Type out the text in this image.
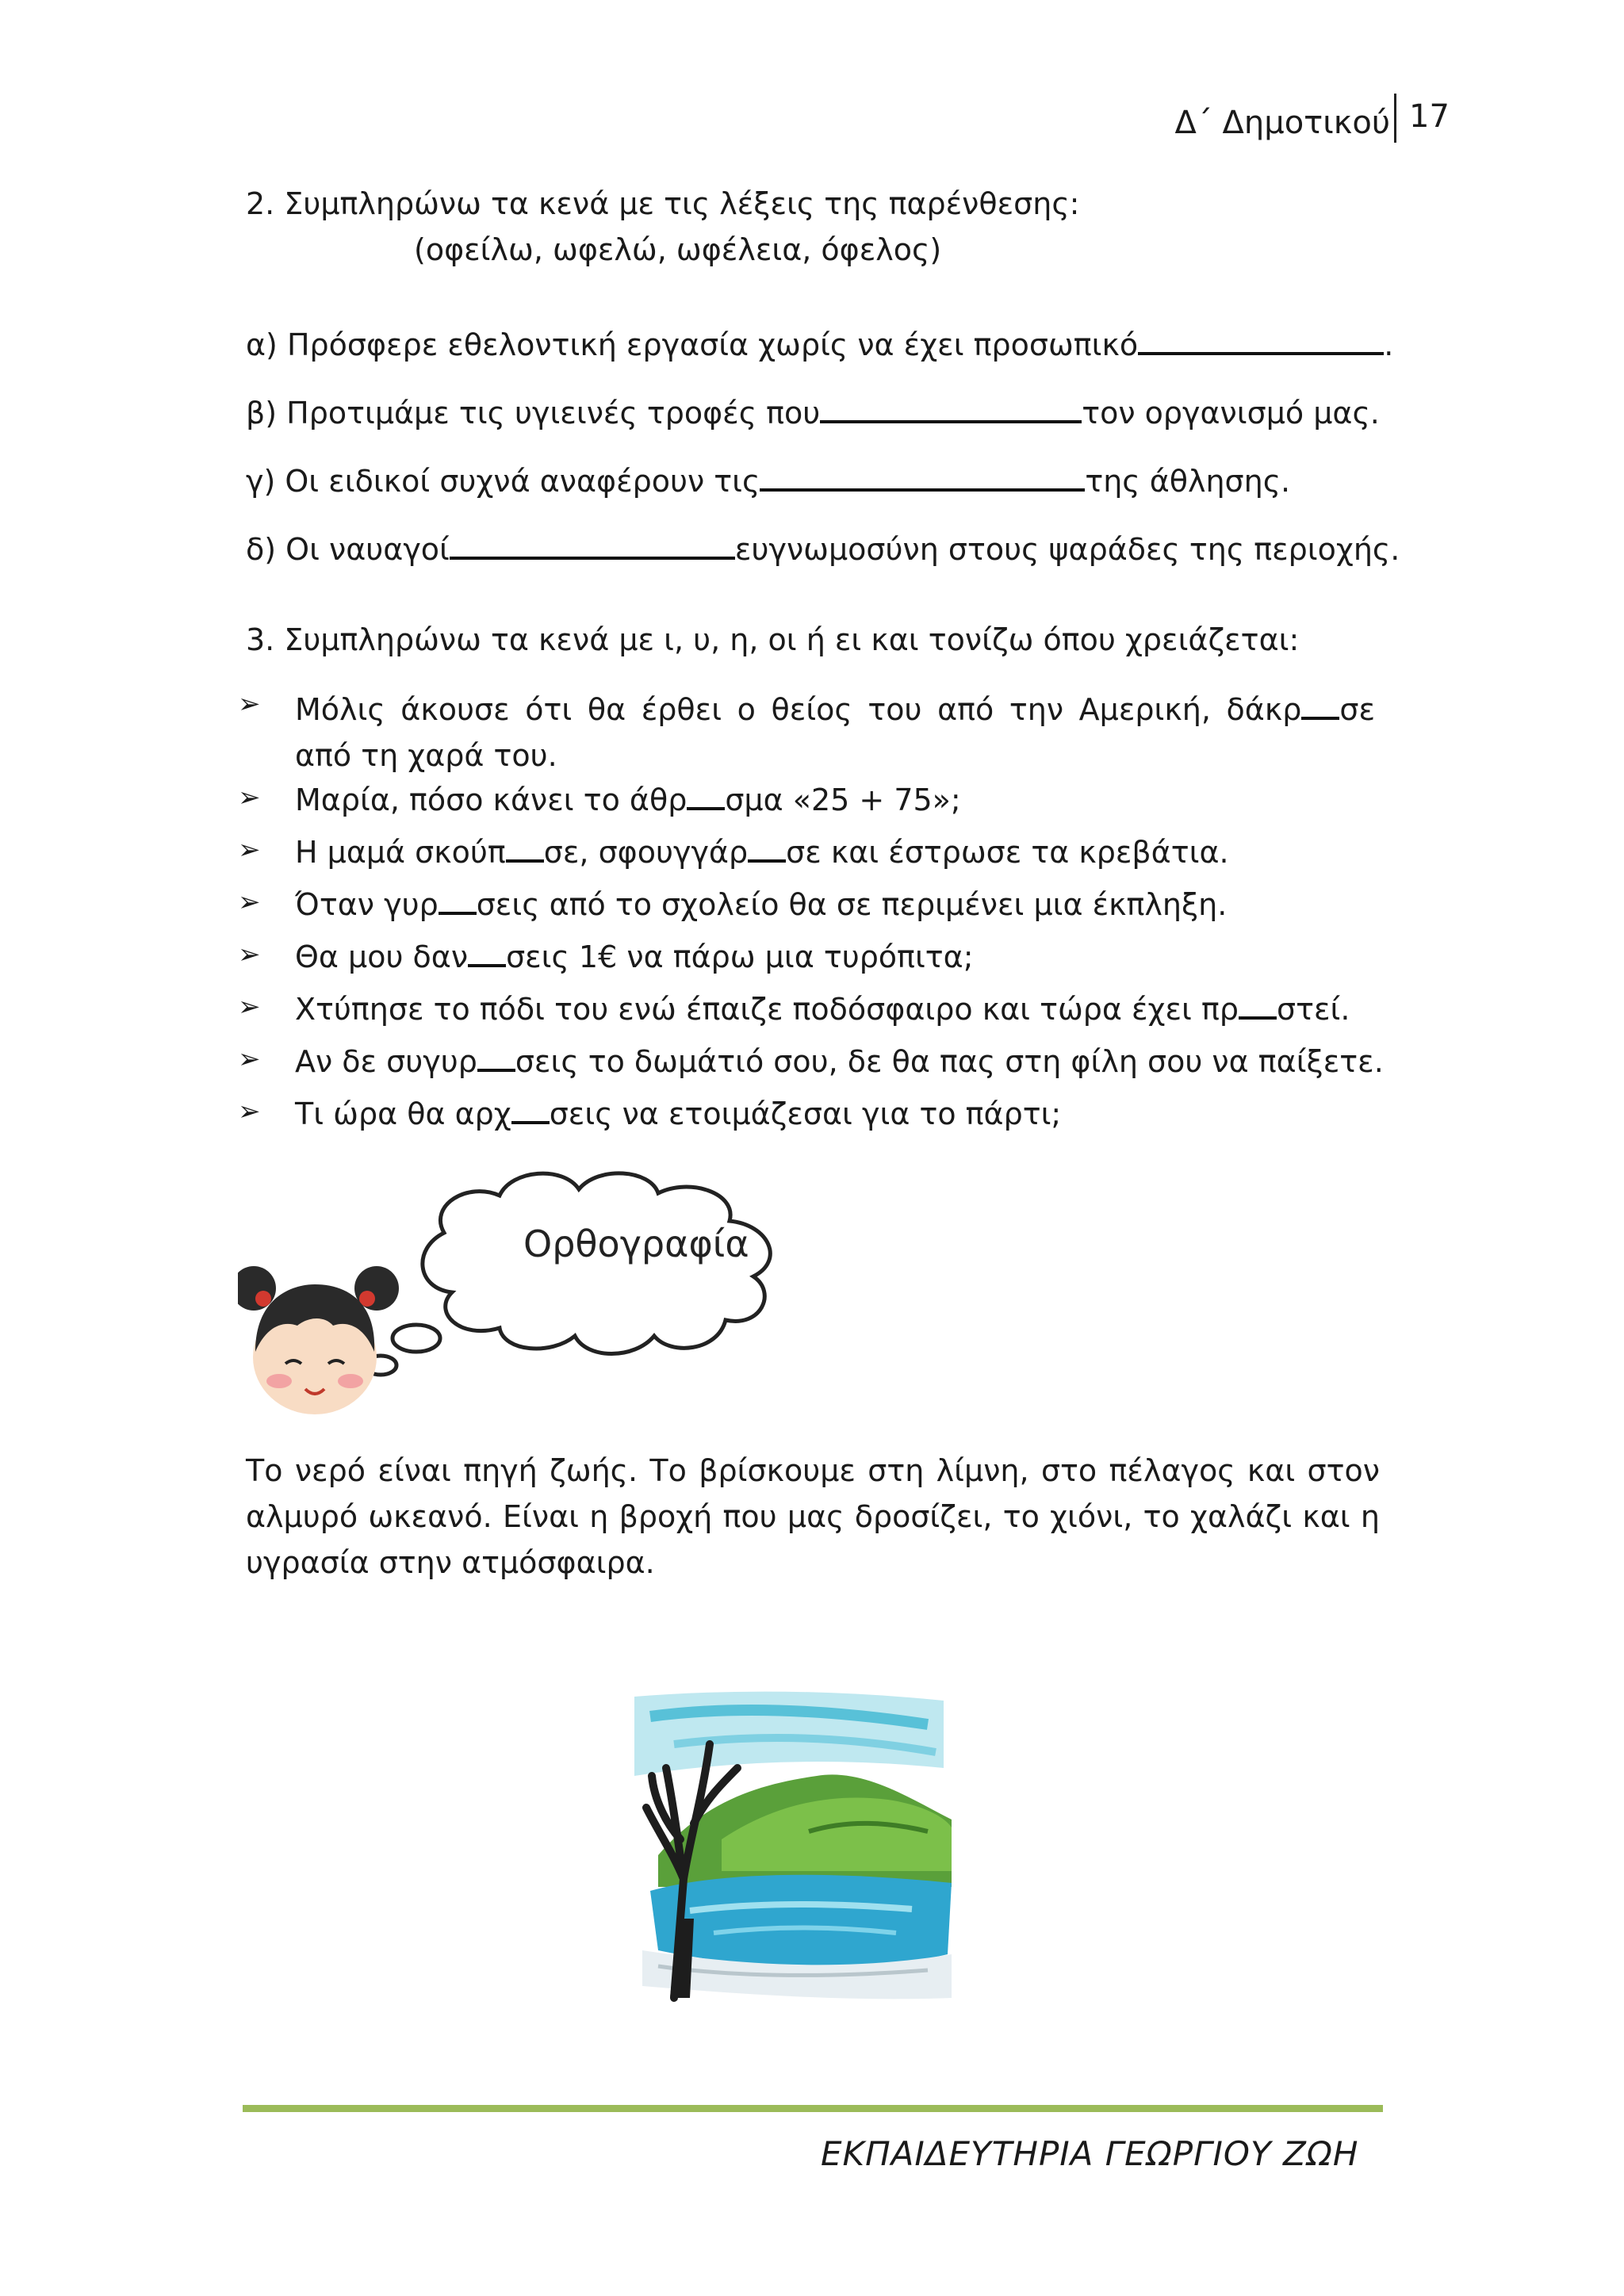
Δ΄ Δημοτικού 17
2. Συμπληρώνω τα κενά με τις λέξεις της παρένθεσης:
(οφείλω, ωφελώ, ωφέλεια, όφελος)
α) Πρόσφερε εθελοντική εργασία χωρίς να έχει προσωπικό	.
β) Προτιμάμε τις υγιεινές τροφές που	τον οργανισμό μας.
γ) Οι ειδικοί συχνά αναφέρουν τις	της άθλησης.
δ) Οι ναυαγοί	ευγνωμοσύνη στους ψαράδες της περιοχής.
3. Συμπληρώνω τα κενά με ι, υ, η, οι ή ει και τονίζω όπου χρειάζεται:
➢ Μόλις άκουσε ότι θα έρθει ο θείος του από την Αμερική, δάκρ σε από τη χαρά του.
➢ Μαρία, πόσο κάνει το άθρ σμα «25 + 75»;
➢ Η μαμά σκούπ σε, σφουγγάρ σε και έστρωσε τα κρεβάτια.
➢ Όταν γυρ σεις από το σχολείο θα σε περιμένει μια έκπληξη.
➢ Θα μου δαν σεις 1€ να πάρω μια τυρόπιτα;
➢ Χτύπησε το πόδι του ενώ έπαιζε ποδόσφαιρο και τώρα έχει πρ στεί.
➢ Αν δε συγυρ σεις το δωμάτιό σου, δε θα πας στη φίλη σου να παίξετε.
➢ Τι ώρα θα αρχ σεις να ετοιμάζεσαι για το πάρτι;
Ορθογραφία
Το νερό είναι πηγή ζωής. Το βρίσκουμε στη λίμνη, στο πέλαγος και στον αλμυρό ωκεανό. Είναι η βροχή που μας δροσίζει, το χιόνι, το χαλάζι και η υγρασία στην ατμόσφαιρα.
ΕΚΠΑΙΔΕΥΤΗΡΙΑ ΓΕΩΡΓΙΟΥ ΖΩΗ
